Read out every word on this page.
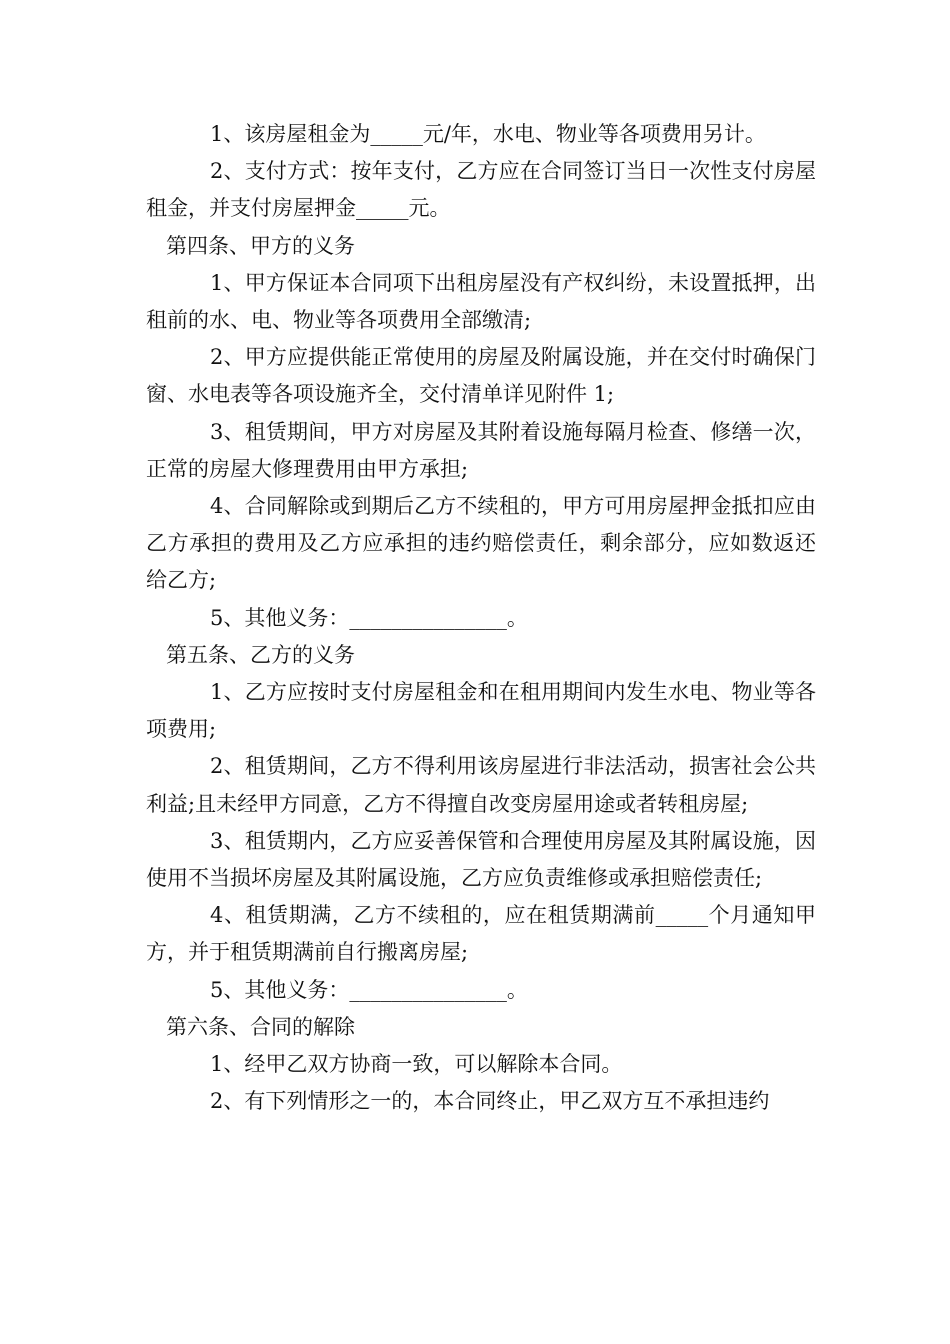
1、该房屋租金为_____元/年，水电、物业等各项费用另计。

2、支付方式：按年支付，乙方应在合同签订当日一次性支付房屋租金，并支付房屋押金_____元。

第四条、甲方的义务

1、甲方保证本合同项下出租房屋没有产权纠纷，未设置抵押，出租前的水、电、物业等各项费用全部缴清;

2、甲方应提供能正常使用的房屋及附属设施，并在交付时确保门窗、水电表等各项设施齐全，交付清单详见附件 1;

3、租赁期间，甲方对房屋及其附着设施每隔月检查、修缮一次，正常的房屋大修理费用由甲方承担;

4、合同解除或到期后乙方不续租的，甲方可用房屋押金抵扣应由乙方承担的费用及乙方应承担的违约赔偿责任，剩余部分，应如数返还给乙方;

5、其他义务：_______________。

第五条、乙方的义务

1、乙方应按时支付房屋租金和在租用期间内发生水电、物业等各项费用;

2、租赁期间，乙方不得利用该房屋进行非法活动，损害社会公共利益;且未经甲方同意，乙方不得擅自改变房屋用途或者转租房屋;

3、租赁期内，乙方应妥善保管和合理使用房屋及其附属设施，因使用不当损坏房屋及其附属设施，乙方应负责维修或承担赔偿责任;

4、租赁期满，乙方不续租的，应在租赁期满前_____个月通知甲方，并于租赁期满前自行搬离房屋;

5、其他义务：_______________。

第六条、合同的解除

1、经甲乙双方协商一致，可以解除本合同。

2、有下列情形之一的，本合同终止，甲乙双方互不承担违约
